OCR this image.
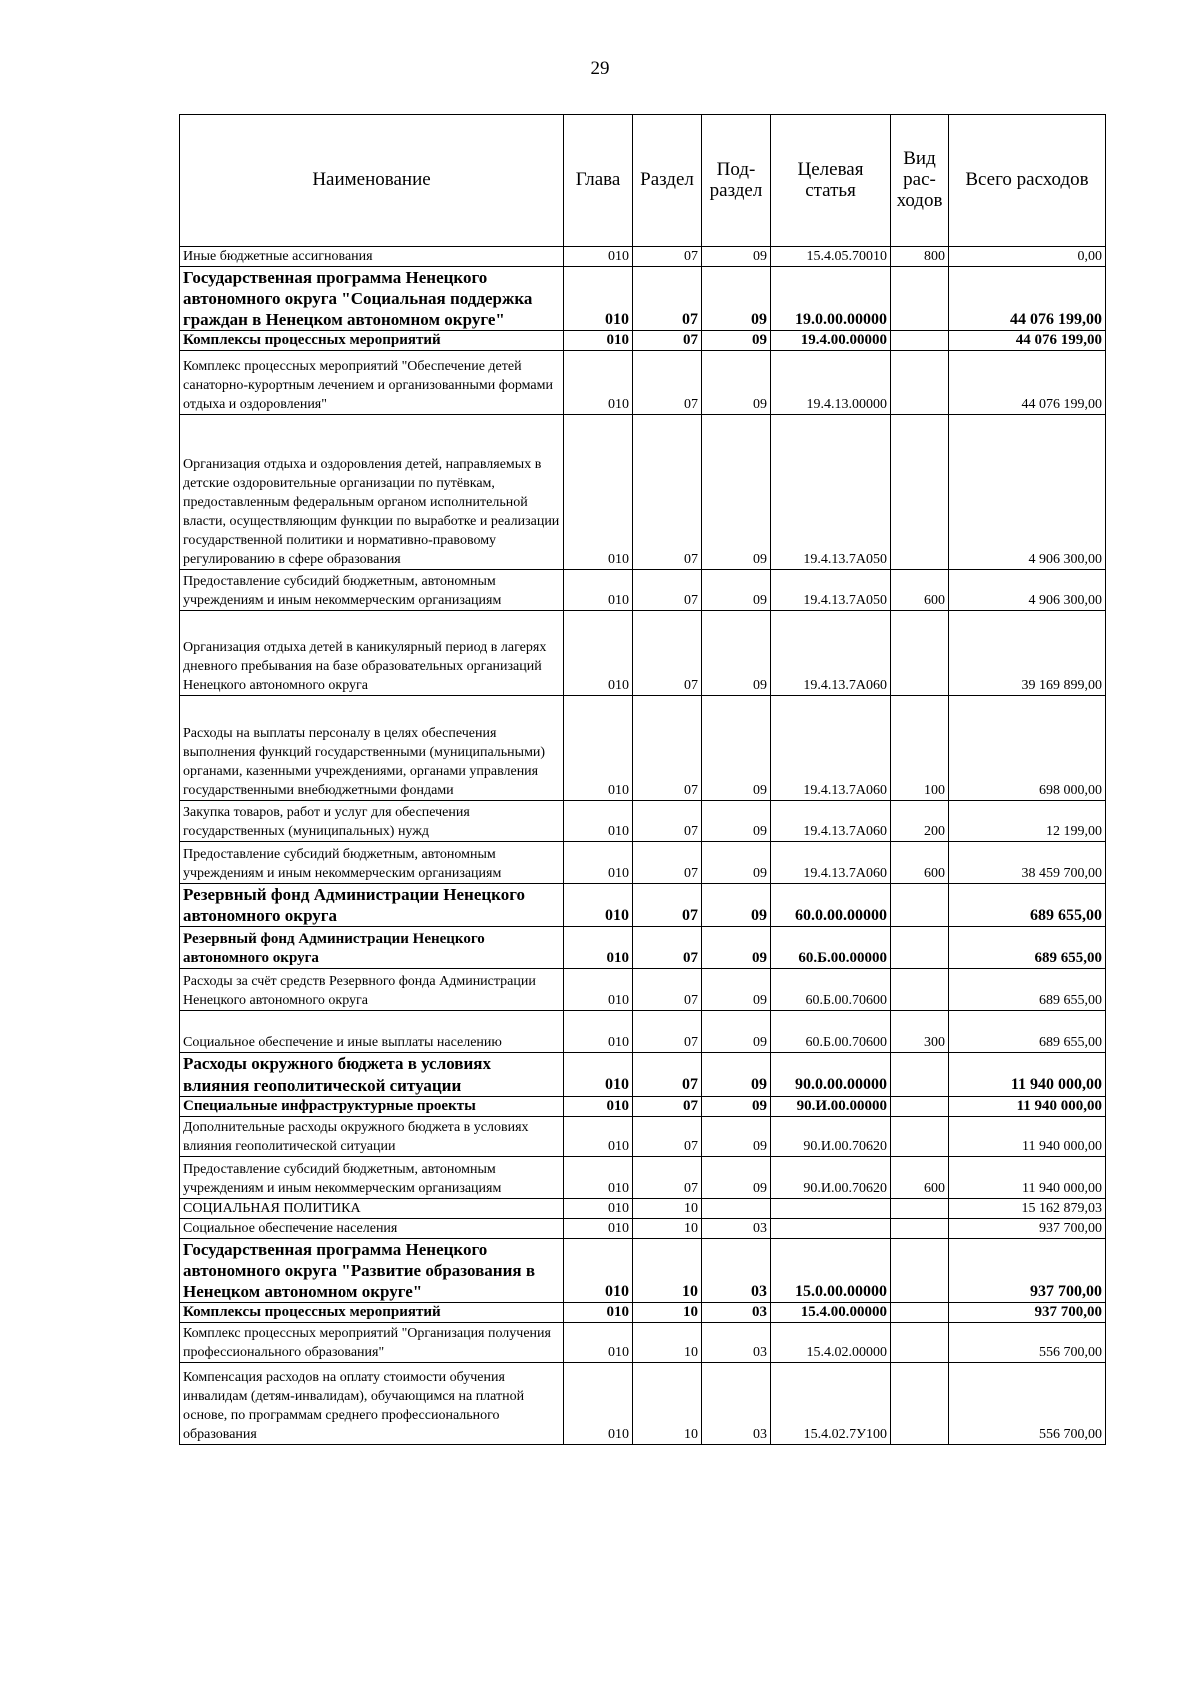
29
Наименование	Глава	Раздел	Под-раздел	Целевая статья	Вид рас-ходов	Всего расходов
Иные бюджетные ассигнования	010	07	09	15.4.05.70010	800	0,00
Государственная программа Ненецкого автономного округа "Социальная поддержка граждан в Ненецком автономном округе"	010	07	09	19.0.00.00000		44 076 199,00
Комплексы процессных мероприятий	010	07	09	19.4.00.00000		44 076 199,00
Комплекс процессных мероприятий "Обеспечение детей санаторно-курортным лечением и организованными формами отдыха и оздоровления"	010	07	09	19.4.13.00000		44 076 199,00
Организация отдыха и оздоровления детей, направляемых в детские оздоровительные организации по путёвкам, предоставленным федеральным органом исполнительной власти, осуществляющим функции по выработке и реализации государственной политики и нормативно-правовому регулированию в сфере образования	010	07	09	19.4.13.7А050		4 906 300,00
Предоставление субсидий бюджетным, автономным учреждениям и иным некоммерческим организациям	010	07	09	19.4.13.7А050	600	4 906 300,00
Организация отдыха детей в каникулярный период в лагерях дневного пребывания на базе образовательных организаций Ненецкого автономного округа	010	07	09	19.4.13.7А060		39 169 899,00
Расходы на выплаты персоналу в целях обеспечения выполнения функций государственными (муниципальными) органами, казенными учреждениями, органами управления государственными внебюджетными фондами	010	07	09	19.4.13.7А060	100	698 000,00
Закупка товаров, работ и услуг для обеспечения государственных (муниципальных) нужд	010	07	09	19.4.13.7А060	200	12 199,00
Предоставление субсидий бюджетным, автономным учреждениям и иным некоммерческим организациям	010	07	09	19.4.13.7А060	600	38 459 700,00
Резервный фонд Администрации Ненецкого автономного округа	010	07	09	60.0.00.00000		689 655,00
Резервный фонд Администрации Ненецкого автономного округа	010	07	09	60.Б.00.00000		689 655,00
Расходы за счёт средств Резервного фонда Администрации Ненецкого автономного округа	010	07	09	60.Б.00.70600		689 655,00
Социальное обеспечение и иные выплаты населению	010	07	09	60.Б.00.70600	300	689 655,00
Расходы окружного бюджета в условиях влияния геополитической ситуации	010	07	09	90.0.00.00000		11 940 000,00
Специальные инфраструктурные проекты	010	07	09	90.И.00.00000		11 940 000,00
Дополнительные расходы окружного бюджета в условиях влияния геополитической ситуации	010	07	09	90.И.00.70620		11 940 000,00
Предоставление субсидий бюджетным, автономным учреждениям и иным некоммерческим организациям	010	07	09	90.И.00.70620	600	11 940 000,00
СОЦИАЛЬНАЯ ПОЛИТИКА	010	10				15 162 879,03
Социальное обеспечение населения	010	10	03			937 700,00
Государственная программа Ненецкого автономного округа "Развитие образования в Ненецком автономном округе"	010	10	03	15.0.00.00000		937 700,00
Комплексы процессных мероприятий	010	10	03	15.4.00.00000		937 700,00
Комплекс процессных мероприятий "Организация получения профессионального образования"	010	10	03	15.4.02.00000		556 700,00
Компенсация расходов на оплату стоимости обучения инвалидам (детям-инвалидам), обучающимся на платной основе, по программам среднего профессионального образования	010	10	03	15.4.02.7У100		556 700,00
